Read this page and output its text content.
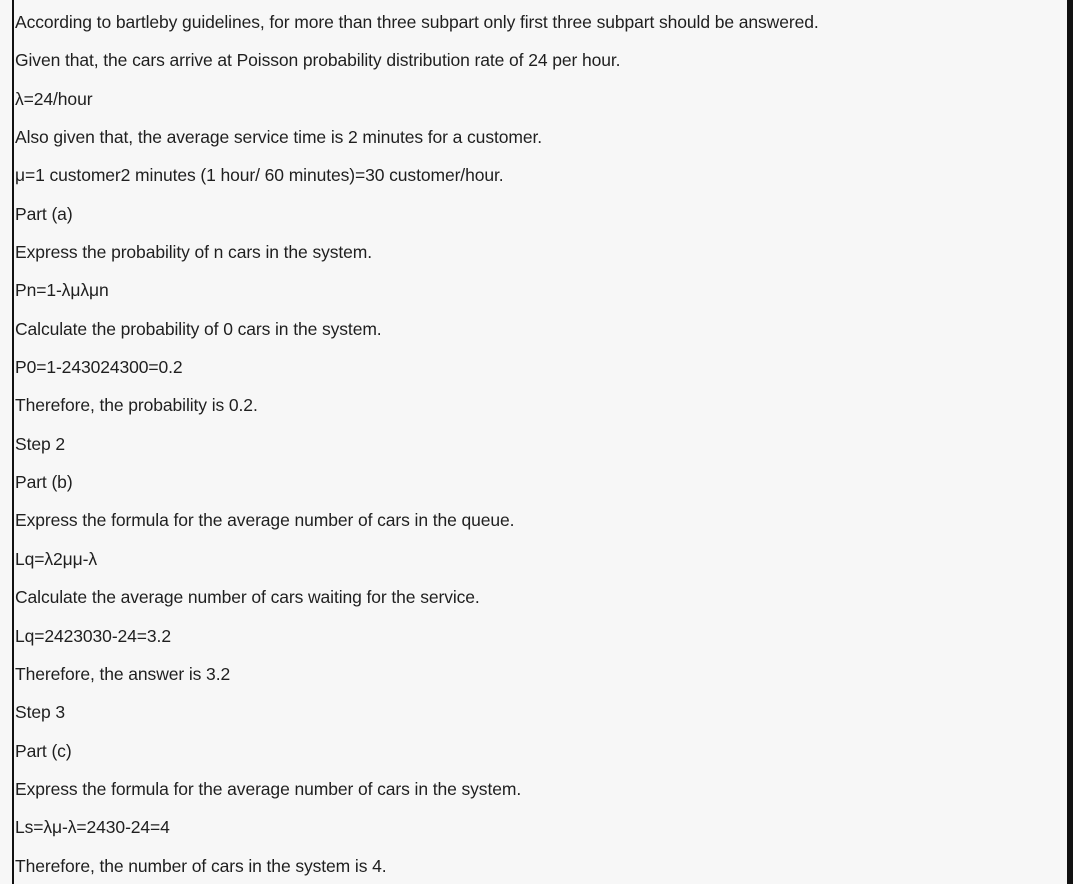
According to bartleby guidelines, for more than three subpart only first three subpart should be answered.
Given that, the cars arrive at Poisson probability distribution rate of 24 per hour.
λ=24/hour
Also given that, the average service time is 2 minutes for a customer.
μ=1 customer2 minutes (1 hour/ 60 minutes)=30 customer/hour.
Part (a)
Express the probability of n cars in the system.
Pn=1-λμλμn
Calculate the probability of 0 cars in the system.
P0=1-243024300=0.2
Therefore, the probability is 0.2.
Step 2
Part (b)
Express the formula for the average number of cars in the queue.
Lq=λ2μμ-λ
Calculate the average number of cars waiting for the service.
Lq=2423030-24=3.2
Therefore, the answer is 3.2
Step 3
Part (c)
Express the formula for the average number of cars in the system.
Ls=λμ-λ=2430-24=4
Therefore, the number of cars in the system is 4.
